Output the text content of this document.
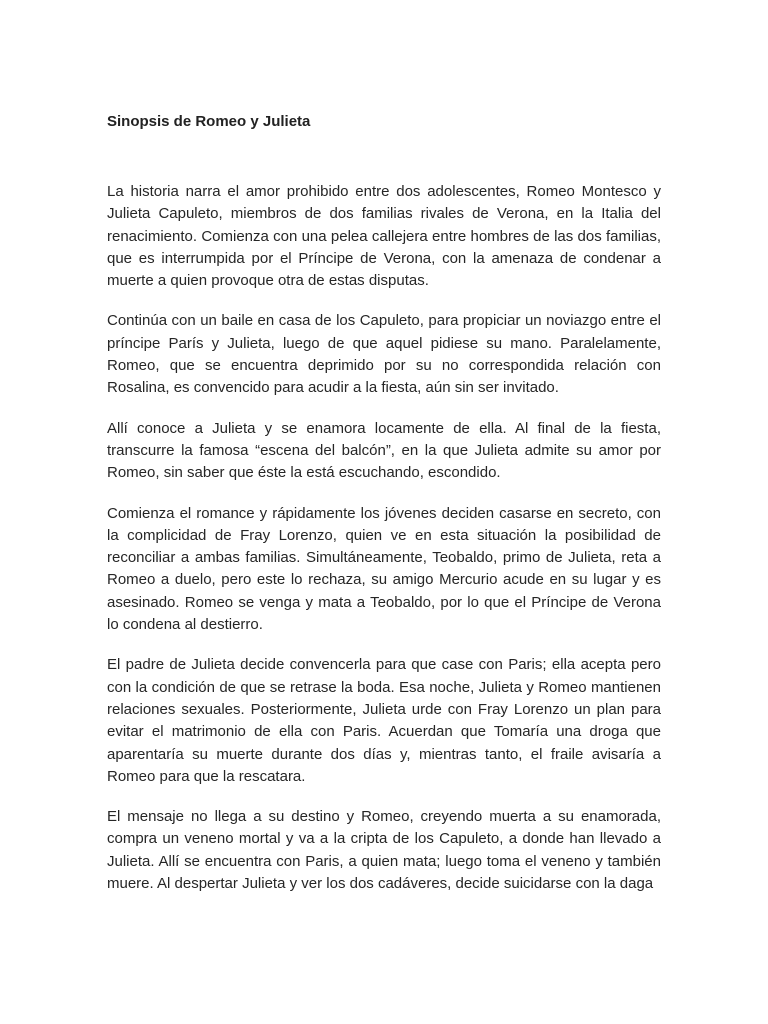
Sinopsis de Romeo y Julieta

La historia narra el amor prohibido entre dos adolescentes, Romeo Montesco y Julieta Capuleto, miembros de dos familias rivales de Verona, en la Italia del renacimiento. Comienza con una pelea callejera entre hombres de las dos familias, que es interrumpida por el Príncipe de Verona, con la amenaza de condenar a muerte a quien provoque otra de estas disputas.

Continúa con un baile en casa de los Capuleto, para propiciar un noviazgo entre el príncipe París y Julieta, luego de que aquel pidiese su mano. Paralelamente, Romeo, que se encuentra deprimido por su no correspondida relación con Rosalina, es convencido para acudir a la fiesta, aún sin ser invitado.

Allí conoce a Julieta y se enamora locamente de ella. Al final de la fiesta, transcurre la famosa “escena del balcón”, en la que Julieta admite su amor por Romeo, sin saber que éste la está escuchando, escondido.

Comienza el romance y rápidamente los jóvenes deciden casarse en secreto, con la complicidad de Fray Lorenzo, quien ve en esta situación la posibilidad de reconciliar a ambas familias. Simultáneamente, Teobaldo, primo de Julieta, reta a Romeo a duelo, pero este lo rechaza, su amigo Mercurio acude en su lugar y es asesinado. Romeo se venga y mata a Teobaldo, por lo que el Príncipe de Verona lo condena al destierro.

El padre de Julieta decide convencerla para que case con Paris; ella acepta pero con la condición de que se retrase la boda. Esa noche, Julieta y Romeo mantienen relaciones sexuales. Posteriormente, Julieta urde con Fray Lorenzo un plan para evitar el matrimonio de ella con Paris. Acuerdan que Tomaría una droga que aparentaría su muerte durante dos días y, mientras tanto, el fraile avisaría a Romeo para que la rescatara.

El mensaje no llega a su destino y Romeo, creyendo muerta a su enamorada, compra un veneno mortal y va a la cripta de los Capuleto, a donde han llevado a Julieta. Allí se encuentra con Paris, a quien mata; luego toma el veneno y también muere. Al despertar Julieta y ver los dos cadáveres, decide suicidarse con la daga
